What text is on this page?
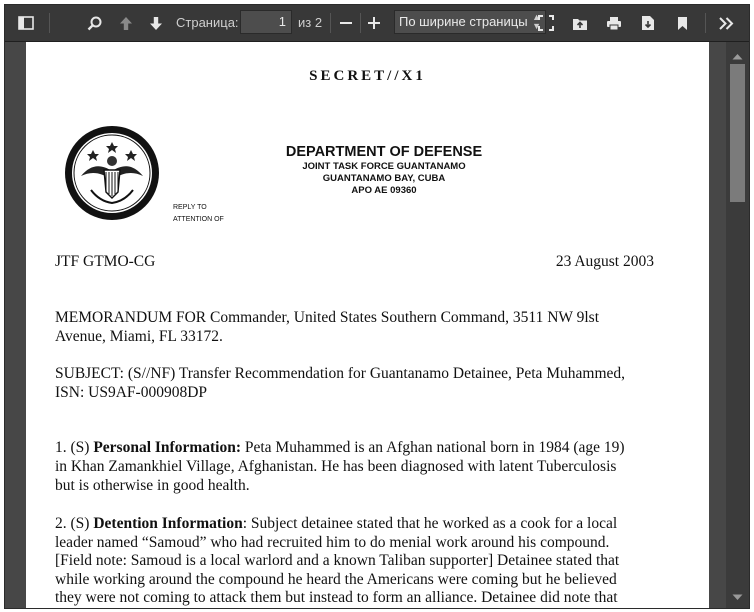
Страница:	1 из 2	По ширине страницы ▲
▼
SECRET//X1
DEPARTMENT OF DEFENSE
JOINT TASK FORCE GUANTANAMO
GUANTANAMO BAY, CUBA
APO AE 09360
REPLY TO
ATTENTION OF
JTF GTMO-CG	23 August 2003
MEMORANDUM FOR Commander, United States Southern Command, 3511 NW 9lst
Avenue, Miami, FL 33172.
SUBJECT: (S//NF) Transfer Recommendation for Guantanamo Detainee, Peta Muhammed,
ISN: US9AF-000908DP
1. (S) Personal Information: Peta Muhammed is an Afghan national born in 1984 (age 19)
in Khan Zamankhiel Village, Afghanistan. He has been diagnosed with latent Tuberculosis
but is otherwise in good health.
2. (S) Detention Information: Subject detainee stated that he worked as a cook for a local
leader named “Samoud” who had recruited him to do menial work around his compound.
[Field note: Samoud is a local warlord and a known Taliban supporter] Detainee stated that
while working around the compound he heard the Americans were coming but he believed
they were not coming to attack them but instead to form an alliance. Detainee did note that
